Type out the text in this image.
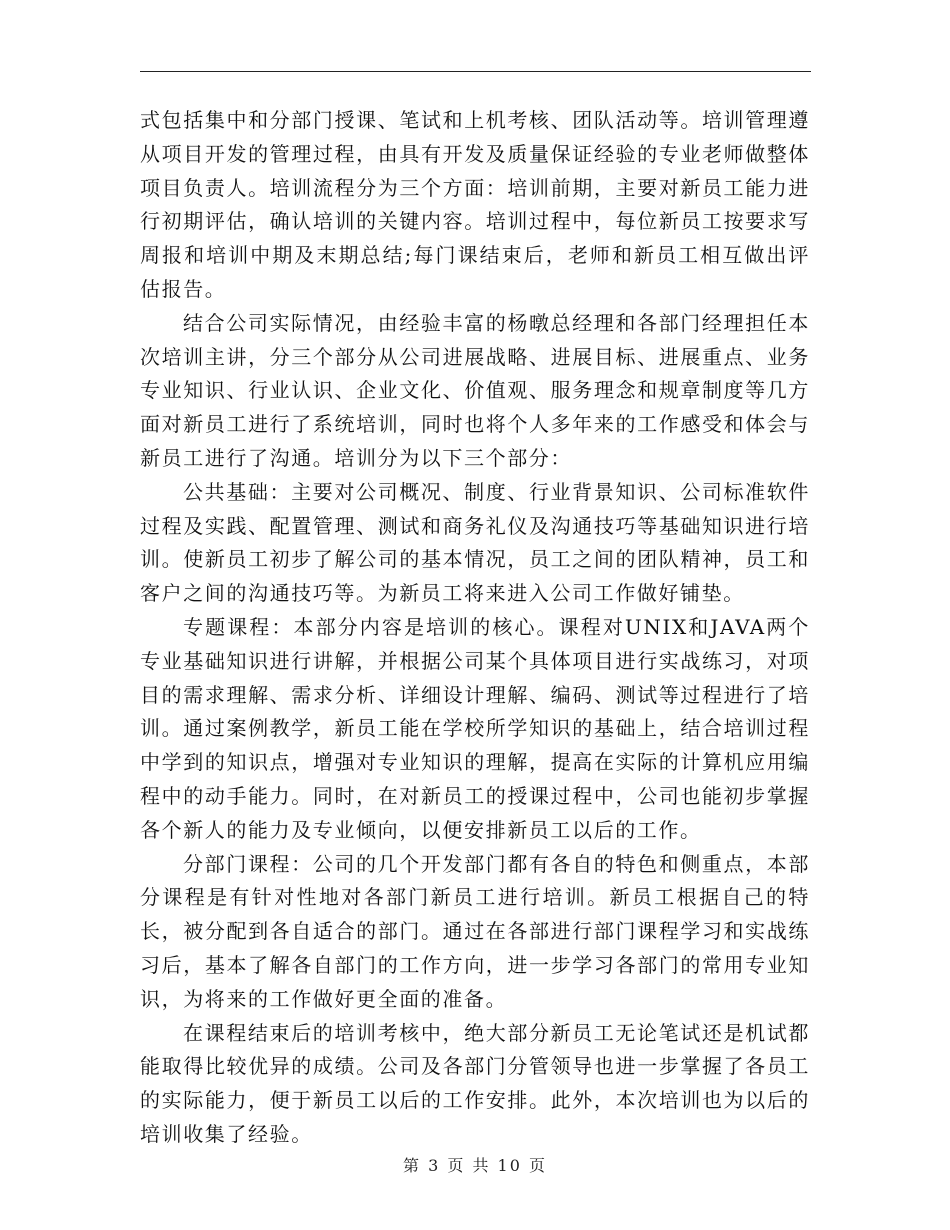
式包括集中和分部门授课、笔试和上机考核、团队活动等。培训管理遵从项目开发的管理过程，由具有开发及质量保证经验的专业老师做整体项目负责人。培训流程分为三个方面：培训前期，主要对新员工能力进行初期评估，确认培训的关键内容。培训过程中，每位新员工按要求写周报和培训中期及末期总结;每门课结束后，老师和新员工相互做出评估报告。

结合公司实际情况，由经验丰富的杨暾总经理和各部门经理担任本次培训主讲，分三个部分从公司进展战略、进展目标、进展重点、业务专业知识、行业认识、企业文化、价值观、服务理念和规章制度等几方面对新员工进行了系统培训，同时也将个人多年来的工作感受和体会与新员工进行了沟通。培训分为以下三个部分：

公共基础：主要对公司概况、制度、行业背景知识、公司标准软件过程及实践、配置管理、测试和商务礼仪及沟通技巧等基础知识进行培训。使新员工初步了解公司的基本情况，员工之间的团队精神，员工和客户之间的沟通技巧等。为新员工将来进入公司工作做好铺垫。

专题课程：本部分内容是培训的核心。课程对UNIX和JAVA两个专业基础知识进行讲解，并根据公司某个具体项目进行实战练习，对项目的需求理解、需求分析、详细设计理解、编码、测试等过程进行了培训。通过案例教学，新员工能在学校所学知识的基础上，结合培训过程中学到的知识点，增强对专业知识的理解，提高在实际的计算机应用编程中的动手能力。同时，在对新员工的授课过程中，公司也能初步掌握各个新人的能力及专业倾向，以便安排新员工以后的工作。

分部门课程：公司的几个开发部门都有各自的特色和侧重点，本部分课程是有针对性地对各部门新员工进行培训。新员工根据自己的特长，被分配到各自适合的部门。通过在各部进行部门课程学习和实战练习后，基本了解各自部门的工作方向，进一步学习各部门的常用专业知识，为将来的工作做好更全面的准备。

在课程结束后的培训考核中，绝大部分新员工无论笔试还是机试都能取得比较优异的成绩。公司及各部门分管领导也进一步掌握了各员工的实际能力，便于新员工以后的工作安排。此外，本次培训也为以后的培训收集了经验。

第 3 页 共 10 页
